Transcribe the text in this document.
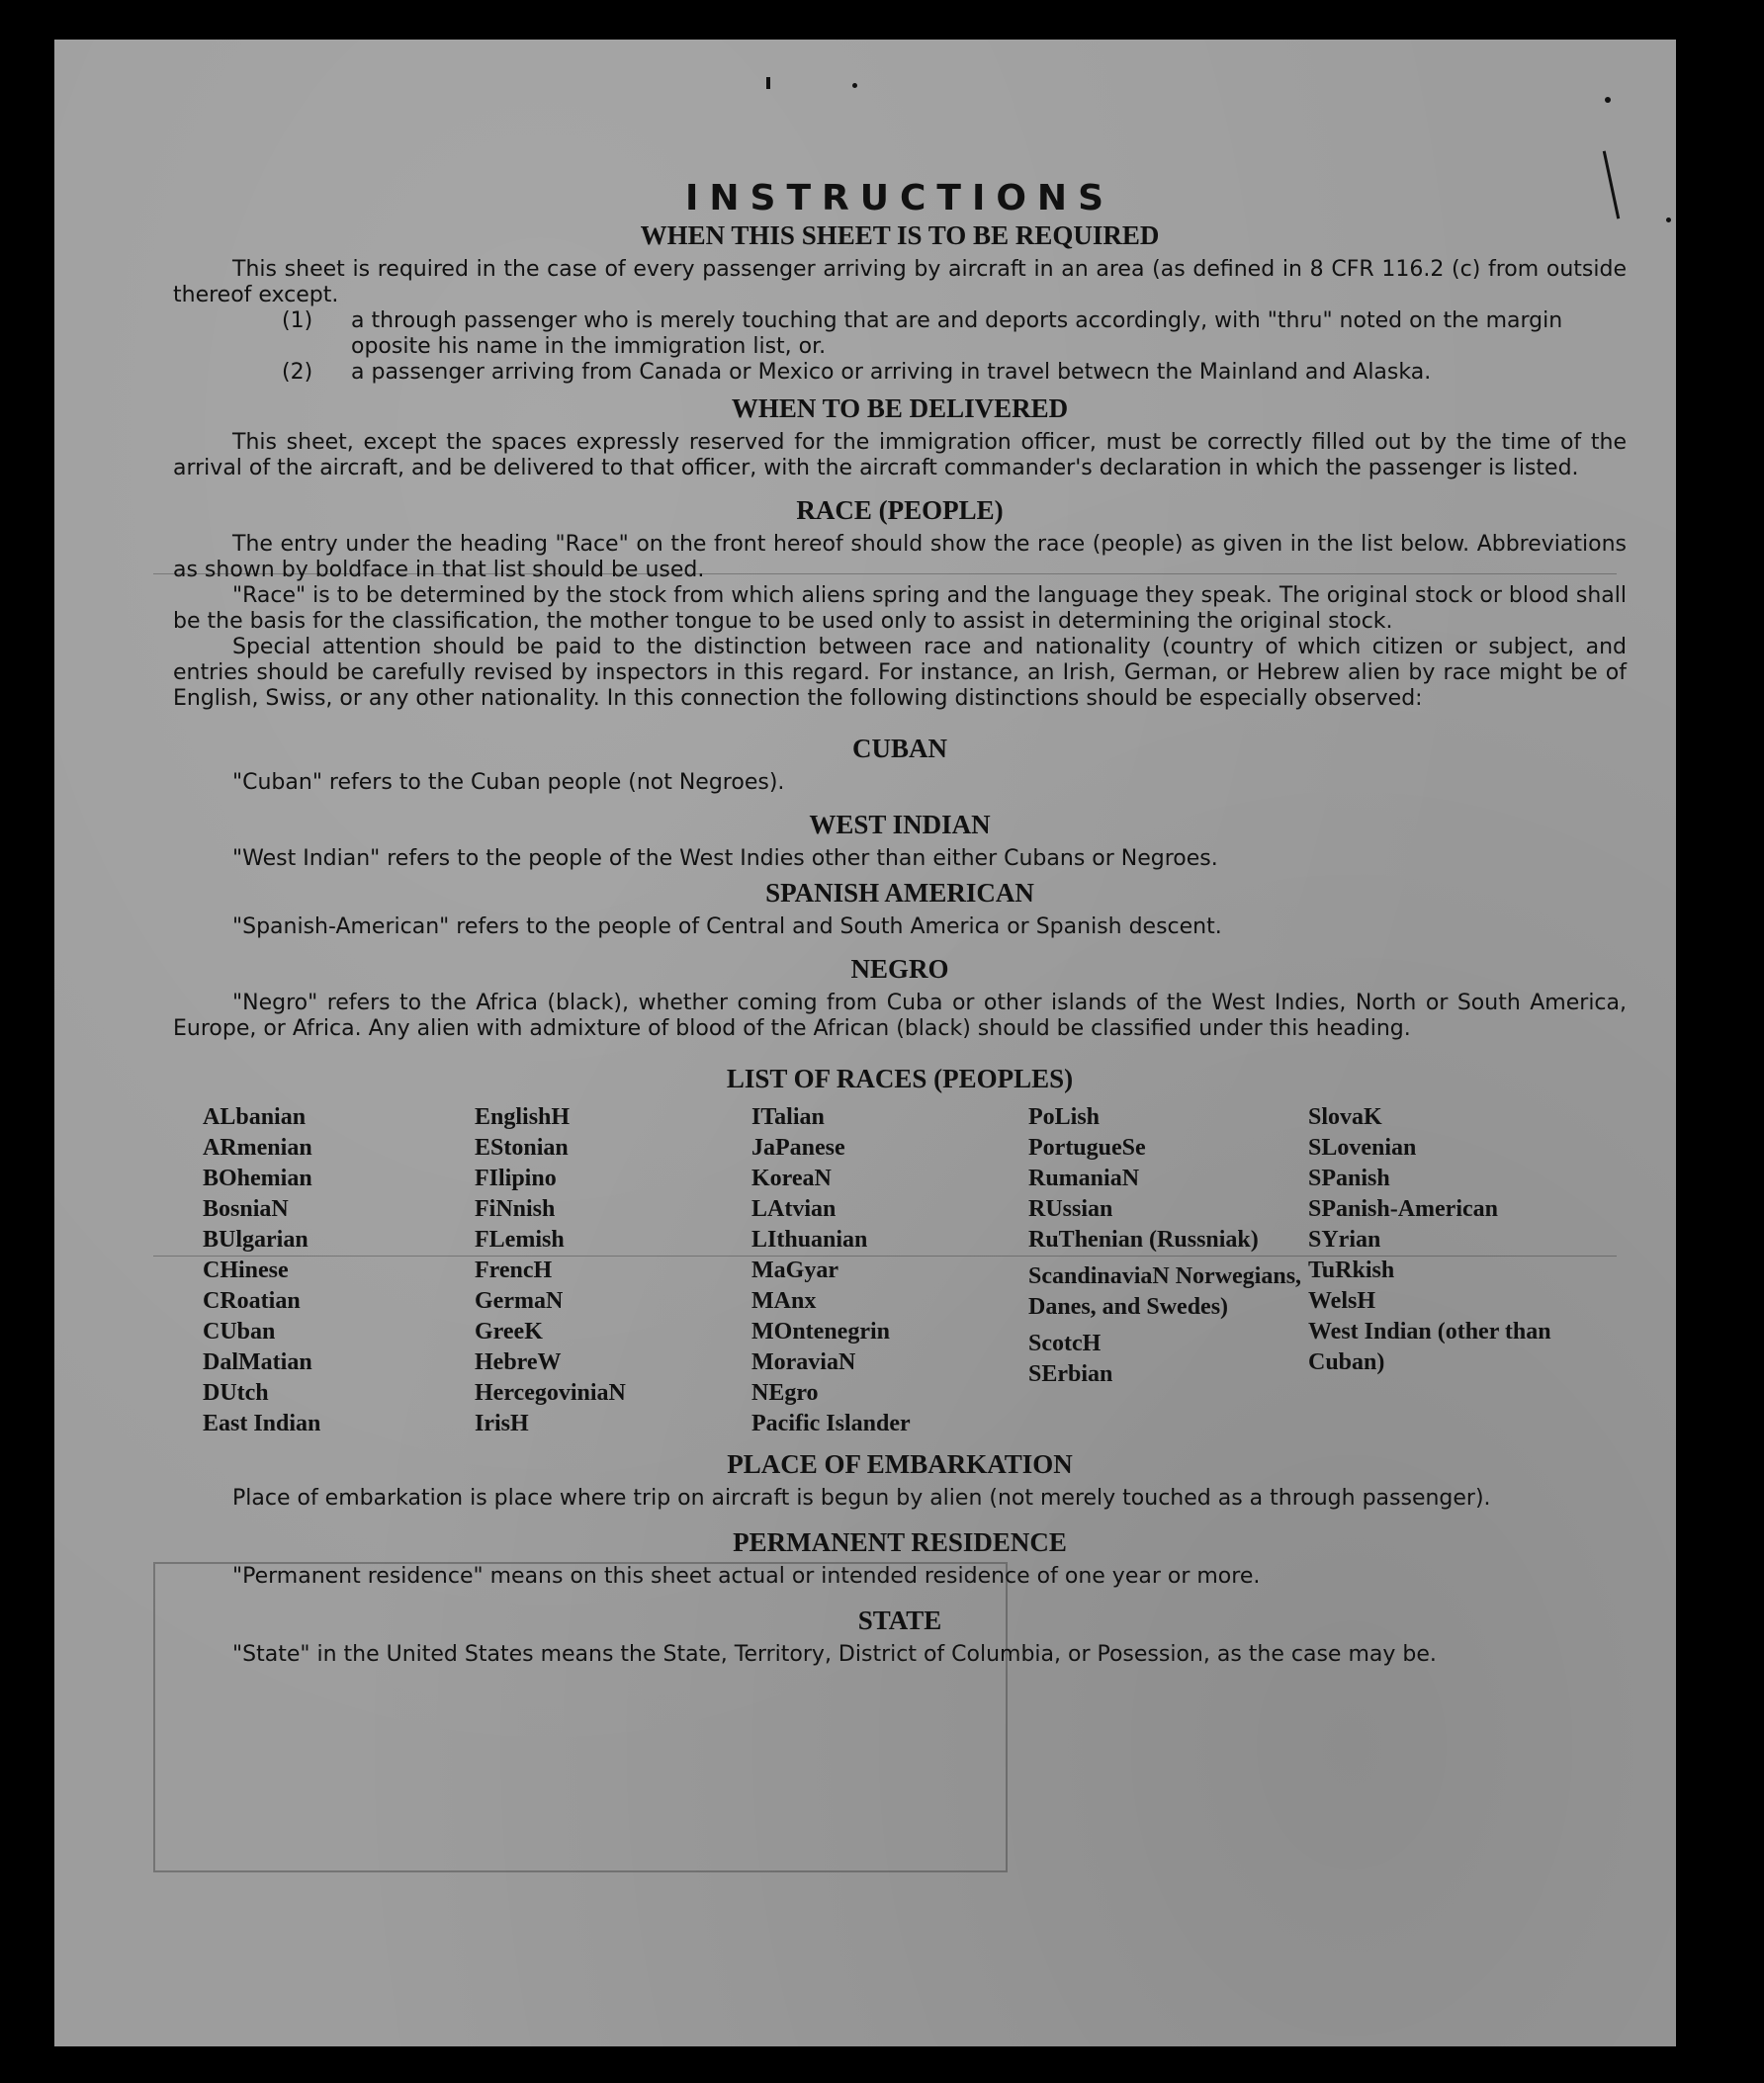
INSTRUCTIONS
WHEN THIS SHEET IS TO BE REQUIRED

This sheet is required in the case of every passenger arriving by aircraft in an area (as defined in 8 CFR 116.2 (c) from outside thereof except.

(1)	a through passenger who is merely touching that are and deports accordingly, with "thru" noted on the margin oposite his name in the immigration list, or.
(2)	a passenger arriving from Canada or Mexico or arriving in travel betwecn the Mainland and Alaska.
WHEN TO BE DELIVERED

This sheet, except the spaces expressly reserved for the immigration officer, must be correctly filled out by the time of the arrival of the aircraft, and be delivered to that officer, with the aircraft commander's declaration in which the passenger is listed.

RACE (PEOPLE)

The entry under the heading "Race" on the front hereof should show the race (people) as given in the list below. Abbreviations as shown by boldface in that list should be used.

"Race" is to be determined by the stock from which aliens spring and the language they speak. The original stock or blood shall be the basis for the classification, the mother tongue to be used only to assist in determining the original stock.

Special attention should be paid to the distinction between race and nationality (country of which citizen or subject, and entries should be carefully revised by inspectors in this regard. For instance, an Irish, German, or Hebrew alien by race might be of English, Swiss, or any other nationality. In this connection the following distinctions should be especially observed:

CUBAN

"Cuban" refers to the Cuban people (not Negroes).

WEST INDIAN

"West Indian" refers to the people of the West Indies other than either Cubans or Negroes.

SPANISH AMERICAN

"Spanish-American" refers to the people of Central and South America or Spanish descent.

NEGRO

"Negro" refers to the Africa (black), whether coming from Cuba or other islands of the West Indies, North or South America, Europe, or Africa. Any alien with admixture of blood of the African (black) should be classified under this heading.

LIST OF RACES (PEOPLES)
ALbanian
ARmenian
BOhemian
BosniaN
BUlgarian
CHinese
CRoatian
CUban
DalMatian
DUtch
East Indian
EnglishH
EStonian
FIlipino
FiNnish
FLemish
FrencH
GermaN
GreeK
HebreW
HercegoviniaN
IrisH
ITalian
JaPanese
KoreaN
LAtvian
LIthuanian
MaGyar
MAnx
MOntenegrin
MoraviaN
NEgro
Pacific Islander
PoLish
PortugueSe
RumaniaN
RUssian
RuThenian (Russniak)
ScandinaviaN Norwegians, Danes, and Swedes)
ScotcH
SErbian
SlovaK
SLovenian
SPanish
SPanish-American
SYrian
TuRkish
WelsH
West Indian (other than Cuban)
PLACE OF EMBARKATION

Place of embarkation is place where trip on aircraft is begun by alien (not merely touched as a through passenger).

PERMANENT RESIDENCE

"Permanent residence" means on this sheet actual or intended residence of one year or more.

STATE

"State" in the United States means the State, Territory, District of Columbia, or Posession, as the case may be.
